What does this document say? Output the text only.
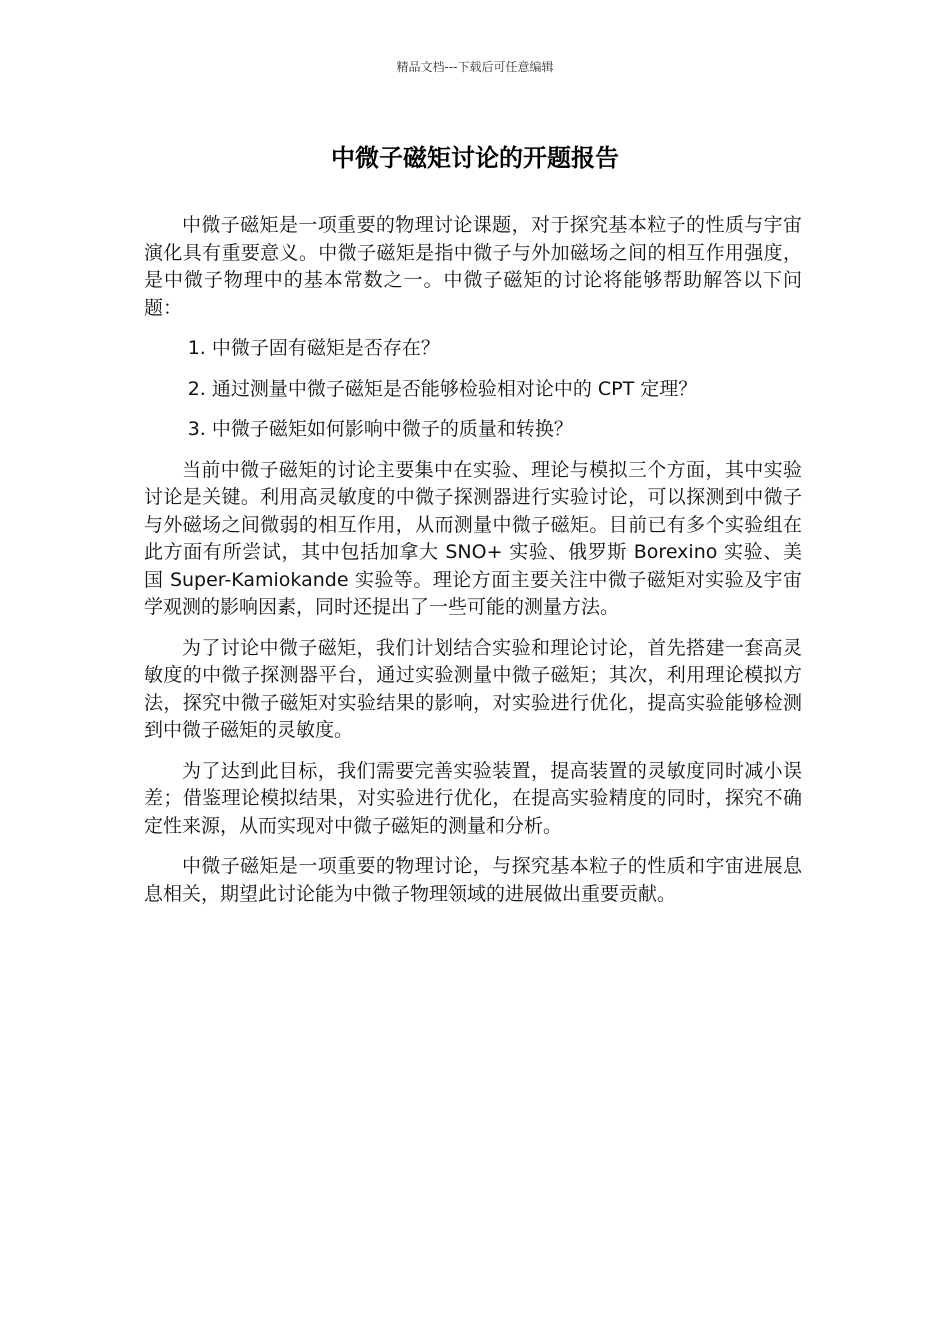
精品文档---下载后可任意编辑
中微子磁矩讨论的开题报告

中微子磁矩是一项重要的物理讨论课题，对于探究基本粒子的性质与宇宙演化具有重要意义。中微子磁矩是指中微子与外加磁场之间的相互作用强度，是中微子物理中的基本常数之一。中微子磁矩的讨论将能够帮助解答以下问题：

1. 中微子固有磁矩是否存在？

2. 通过测量中微子磁矩是否能够检验相对论中的 CPT 定理？

3. 中微子磁矩如何影响中微子的质量和转换？

当前中微子磁矩的讨论主要集中在实验、理论与模拟三个方面，其中实验讨论是关键。利用高灵敏度的中微子探测器进行实验讨论，可以探测到中微子与外磁场之间微弱的相互作用，从而测量中微子磁矩。目前已有多个实验组在此方面有所尝试，其中包括加拿大 SNO+ 实验、俄罗斯 Borexino 实验、美国 Super-Kamiokande 实验等。理论方面主要关注中微子磁矩对实验及宇宙学观测的影响因素，同时还提出了一些可能的测量方法。

为了讨论中微子磁矩，我们计划结合实验和理论讨论，首先搭建一套高灵敏度的中微子探测器平台，通过实验测量中微子磁矩；其次，利用理论模拟方法，探究中微子磁矩对实验结果的影响，对实验进行优化，提高实验能够检测到中微子磁矩的灵敏度。

为了达到此目标，我们需要完善实验装置，提高装置的灵敏度同时减小误差；借鉴理论模拟结果，对实验进行优化，在提高实验精度的同时，探究不确定性来源，从而实现对中微子磁矩的测量和分析。

中微子磁矩是一项重要的物理讨论，与探究基本粒子的性质和宇宙进展息息相关，期望此讨论能为中微子物理领域的进展做出重要贡献。
